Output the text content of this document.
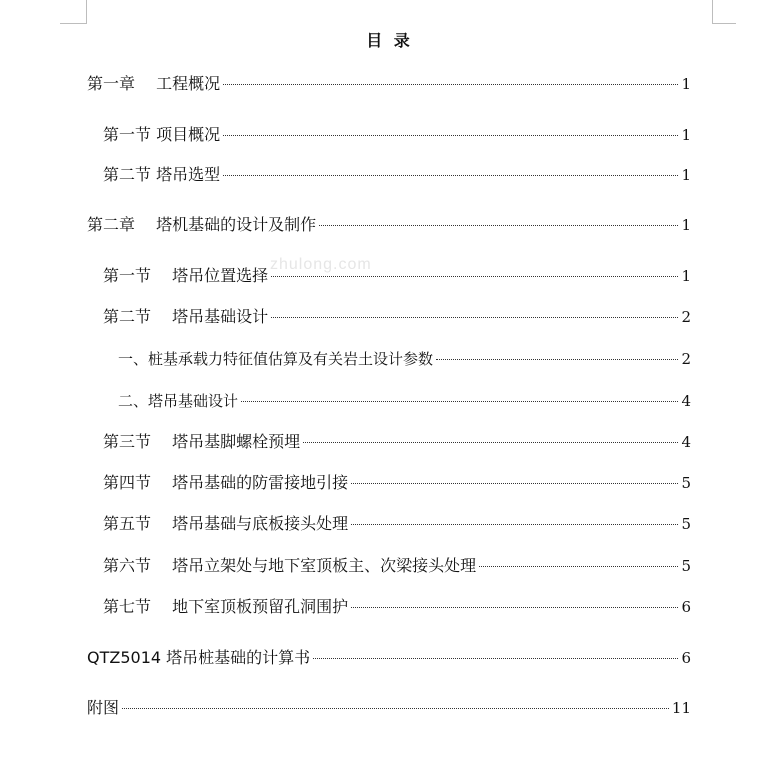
目 录
zhulong.com
第一章　 工程概况	1
第一节 项目概况	1
第二节 塔吊选型	1
第二章　 塔机基础的设计及制作	1
第一节　 塔吊位置选择	1
第二节　 塔吊基础设计	2
一、桩基承载力特征值估算及有关岩土设计参数	2
二、塔吊基础设计	4
第三节　 塔吊基脚螺栓预埋	4
第四节　 塔吊基础的防雷接地引接	5
第五节　 塔吊基础与底板接头处理	5
第六节　 塔吊立架处与地下室顶板主、次梁接头处理	5
第七节　 地下室顶板预留孔洞围护	6
QTZ5014 塔吊桩基础的计算书	6
附图	11
